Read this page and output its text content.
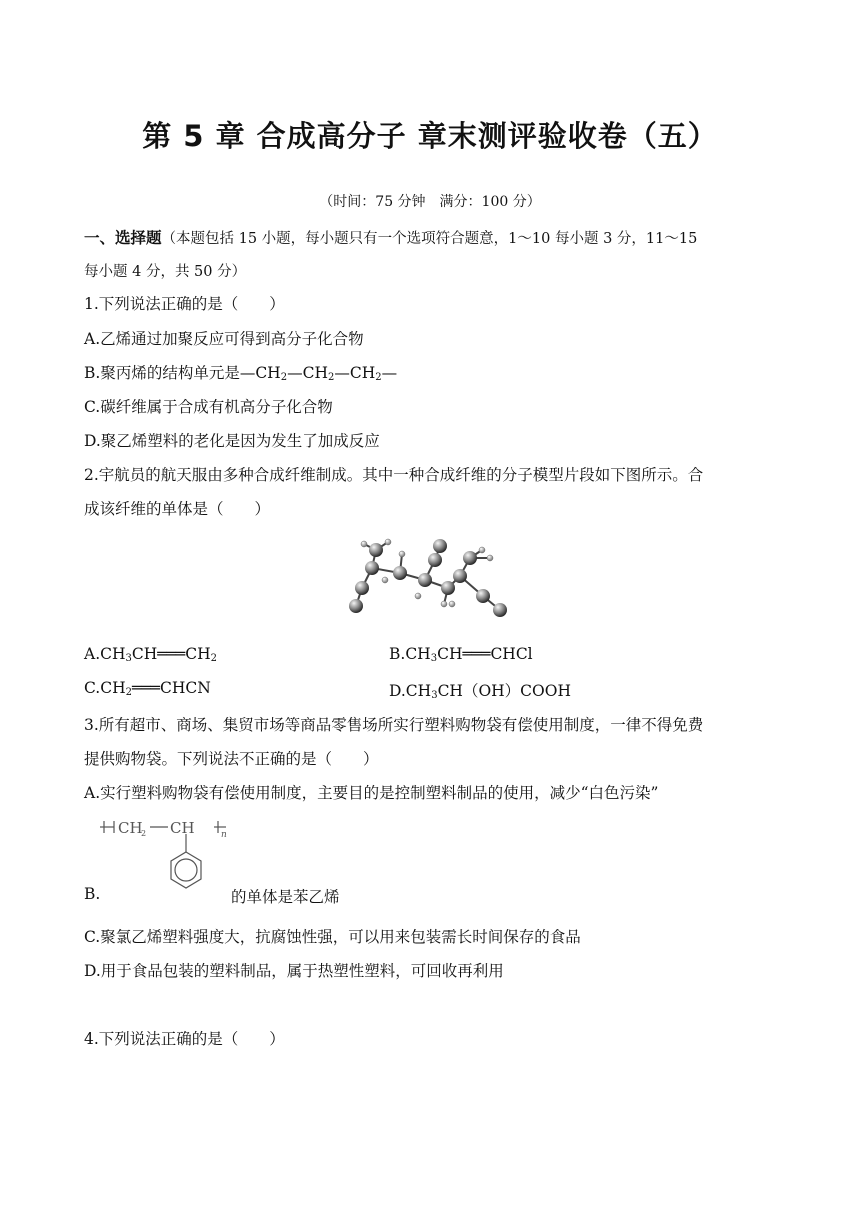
第 5 章 合成高分子 章末测评验收卷（五）
（时间：75 分钟　满分：100 分）
一、选择题（本题包括 15 小题，每小题只有一个选项符合题意，1～10 每小题 3 分，11～15
每小题 4 分，共 50 分）
1.下列说法正确的是（　　）
A.乙烯通过加聚反应可得到高分子化合物
B.聚丙烯的结构单元是$—CH_2—CH_2—CH_2—$
C.碳纤维属于合成有机高分子化合物
D.聚乙烯塑料的老化是因为发生了加成反应
2.宇航员的航天服由多种合成纤维制成。其中一种合成纤维的分子模型片段如下图所示。合
成该纤维的单体是（　　）
$A.CH_3CH═══CH_2$	$B.CH_3CH═══CHCl$
$C.CH_2═══CHCN$	$D.CH_3CH(OH)COOH$
3.所有超市、商场、集贸市场等商品零售场所实行塑料购物袋有偿使用制度，一律不得免费
提供购物袋。下列说法不正确的是（　　）
A.实行塑料购物袋有偿使用制度，主要目的是控制塑料制品的使用，减少“白色污染”
CH
2 CH	n
B.	的单体是苯乙烯
C.聚氯乙烯塑料强度大，抗腐蚀性强，可以用来包装需长时间保存的食品
D.用于食品包装的塑料制品，属于热塑性塑料，可回收再利用
4.下列说法正确的是（　　）
